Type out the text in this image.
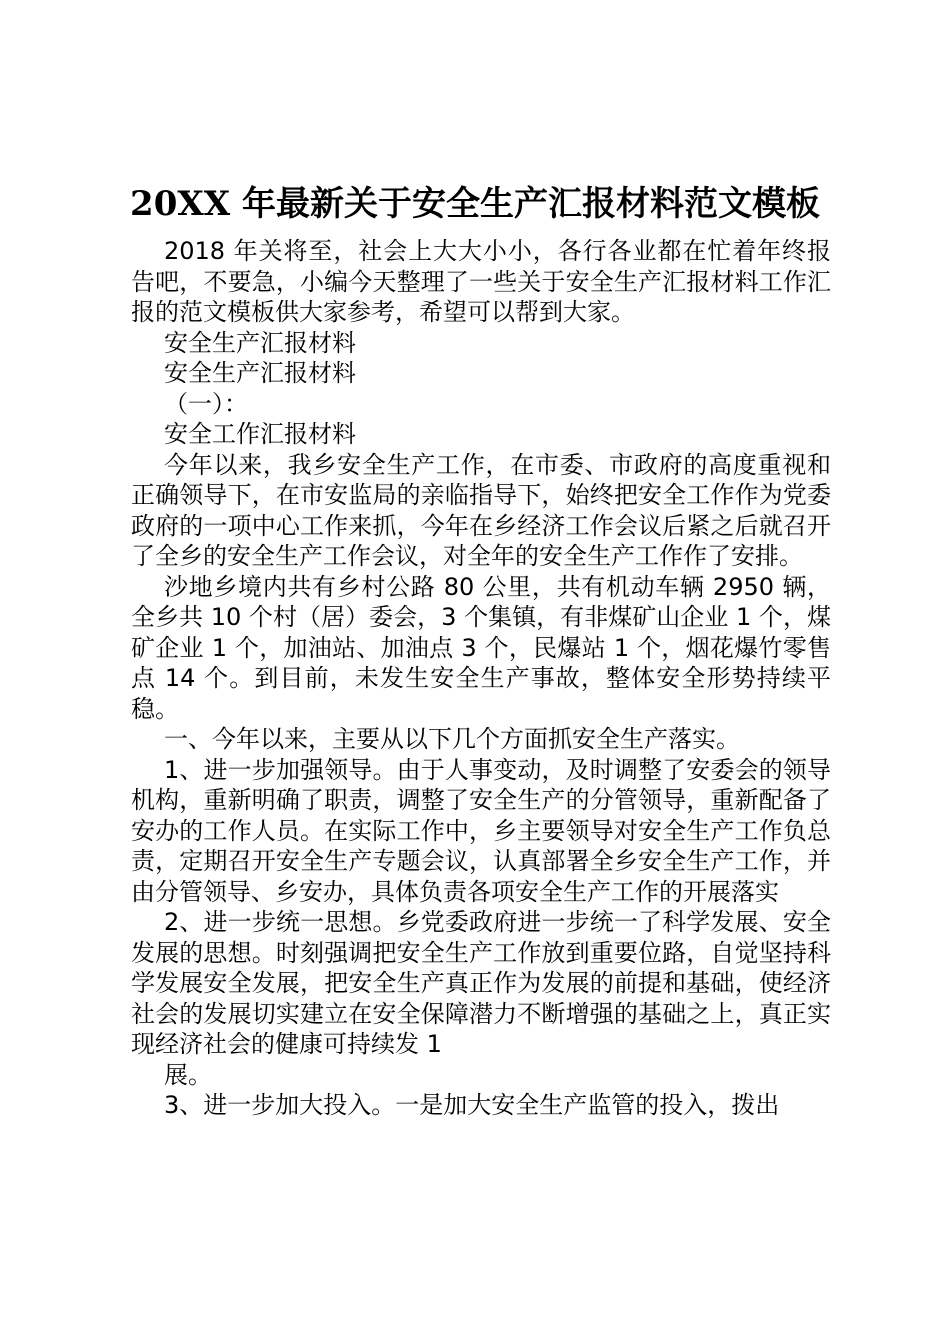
20XX 年最新关于安全生产汇报材料范文模板

2018 年关将至，社会上大大小小，各行各业都在忙着年终报告吧，不要急，小编今天整理了一些关于安全生产汇报材料工作汇报的范文模板供大家参考，希望可以帮到大家。

安全生产汇报材料

安全生产汇报材料

（一）：

安全工作汇报材料

今年以来，我乡安全生产工作，在市委、市政府的高度重视和正确领导下，在市安监局的亲临指导下，始终把安全工作作为党委政府的一项中心工作来抓，今年在乡经济工作会议后紧之后就召开了全乡的安全生产工作会议，对全年的安全生产工作作了安排。

沙地乡境内共有乡村公路 80 公里，共有机动车辆 2950 辆，全乡共 10 个村（居）委会，3 个集镇，有非煤矿山企业 1 个，煤矿企业 1 个，加油站、加油点 3 个，民爆站 1 个，烟花爆竹零售点 14 个。到目前，未发生安全生产事故，整体安全形势持续平稳。

一、今年以来，主要从以下几个方面抓安全生产落实。

1、进一步加强领导。由于人事变动，及时调整了安委会的领导机构，重新明确了职责，调整了安全生产的分管领导，重新配备了安办的工作人员。在实际工作中，乡主要领导对安全生产工作负总责，定期召开安全生产专题会议，认真部署全乡安全生产工作，并由分管领导、乡安办，具体负责各项安全生产工作的开展落实

2、进一步统一思想。乡党委政府进一步统一了科学发展、安全发展的思想。时刻强调把安全生产工作放到重要位路，自觉坚持科学发展安全发展，把安全生产真正作为发展的前提和基础，使经济社会的发展切实建立在安全保障潜力不断增强的基础之上，真正实现经济社会的健康可持续发 1

展。

3、进一步加大投入。一是加大安全生产监管的投入，拨出
